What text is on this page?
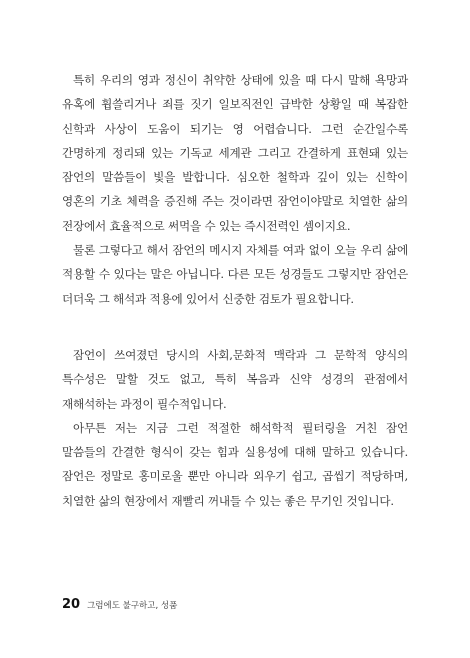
특히 우리의 영과 정신이 취약한 상태에 있을 때 다시 말해 욕망과 유혹에 휩쓸리거나 죄를 짓기 일보직전인 급박한 상황일 때 복잡한 신학과 사상이 도움이 되기는 영 어렵습니다. 그런 순간일수록 간명하게 정리돼 있는 기독교 세계관 그리고 간결하게 표현돼 있는 잠언의 말씀들이 빛을 발합니다. 심오한 철학과 깊이 있는 신학이 영혼의 기초 체력을 증진해 주는 것이라면 잠언이야말로 치열한 삶의 전장에서 효율적으로 써먹을 수 있는 즉시전력인 셈이지요.

물론 그렇다고 해서 잠언의 메시지 자체를 여과 없이 오늘 우리 삶에 적용할 수 있다는 말은 아닙니다. 다른 모든 성경들도 그렇지만 잠언은 더더욱 그 해석과 적용에 있어서 신중한 검토가 필요합니다.

잠언이 쓰여졌던 당시의 사회,문화적 맥락과 그 문학적 양식의 특수성은 말할 것도 없고, 특히 복음과 신약 성경의 관점에서 재해석하는 과정이 필수적입니다.

아무튼 저는 지금 그런 적절한 해석학적 필터링을 거친 잠언 말씀들의 간결한 형식이 갖는 힘과 실용성에 대해 말하고 있습니다. 잠언은 정말로 홍미로울 뿐만 아니라 외우기 쉽고, 곱씹기 적당하며, 치열한 삶의 현장에서 재빨리 꺼내들 수 있는 좋은 무기인 것입니다.

20 그럼에도 불구하고, 성품
